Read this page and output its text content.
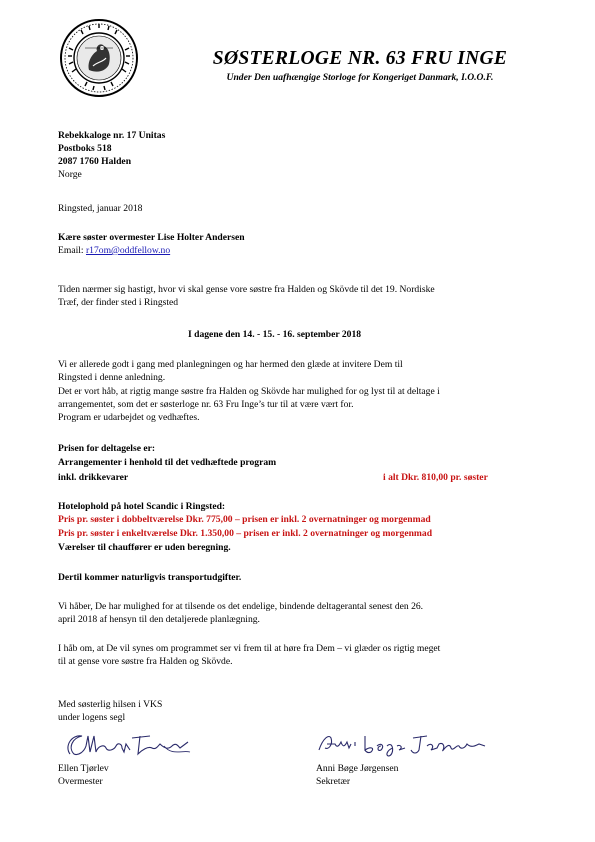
SØSTERLOGE NR. 63 FRU INGE
Under Den uafhængige Storloge for Kongeriget Danmark, I.O.O.F.
Rebekkaloge nr. 17 Unitas
Postboks 518
2087 1760 Halden
Norge
Ringsted, januar 2018
Kære søster overmester Lise Holter Andersen
Email: r17om@oddfellow.no
Tiden nærmer sig hastigt, hvor vi skal gense vore søstre fra Halden og Skövde til det 19. Nordiske
Træf, der finder sted i Ringsted
I dagene den 14. - 15. - 16. september 2018
Vi er allerede godt i gang med planlegningen og har hermed den glæde at invitere Dem til
Ringsted i denne anledning.
Det er vort håb, at rigtig mange søstre fra Halden og Skövde har mulighed for og lyst til at deltage i
arrangementet, som det er søsterloge nr. 63 Fru Inge’s tur til at være vært for.
Program er udarbejdet og vedhæftes.
Prisen for deltagelse er:
Arrangementer i henhold til det vedhæftede program
inkl. drikkevarer	i alt Dkr. 810,00 pr. søster
Hotelophold på hotel Scandic i Ringsted:
Pris pr. søster i dobbeltværelse Dkr. 775,00 – prisen er inkl. 2 overnatninger og morgenmad
Pris pr. søster i enkeltværelse Dkr. 1.350,00 – prisen er inkl. 2 overnatninger og morgenmad
Værelser til chauffører er uden beregning.
Dertil kommer naturligvis transportudgifter.
Vi håber, De har mulighed for at tilsende os det endelige, bindende deltagerantal senest den 26.
april 2018 af hensyn til den detaljerede planlægning.
I håb om, at De vil synes om programmet ser vi frem til at høre fra Dem – vi glæder os rigtig meget
til at gense vore søstre fra Halden og Skövde.
Med søsterlig hilsen i VKS
under logens segl
Ellen Tjørlev
Overmester
Anni Bøge Jørgensen
Sekretær
